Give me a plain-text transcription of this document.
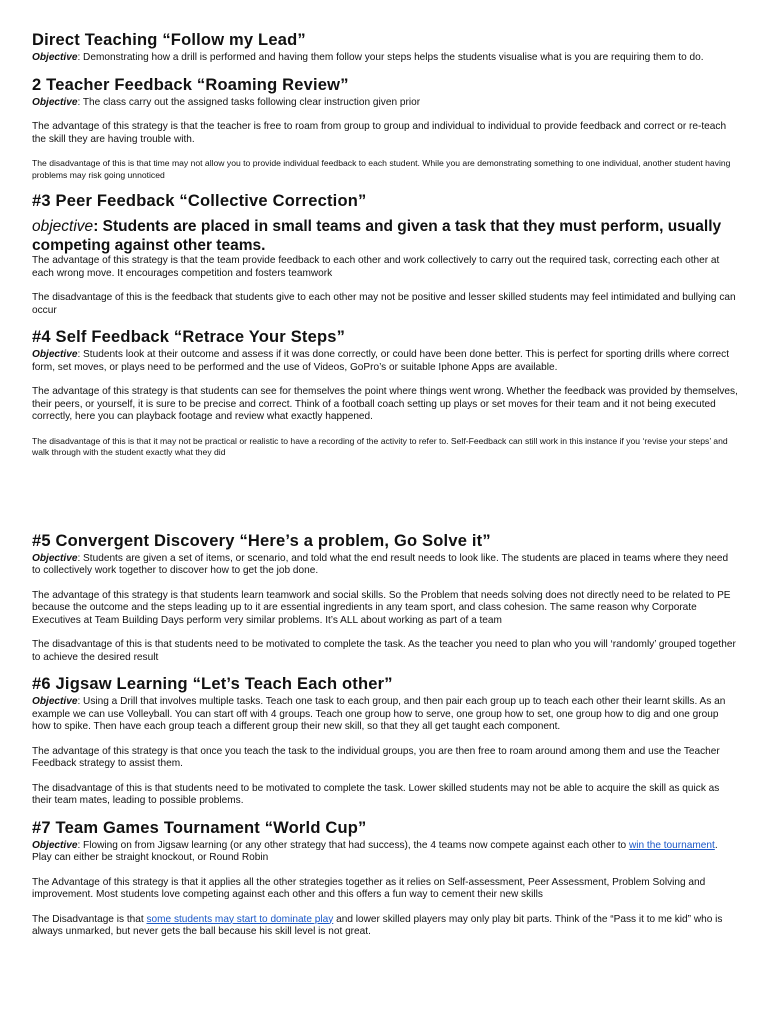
Direct Teaching “Follow my Lead”

Objective: Demonstrating how a drill is performed and having them follow your steps helps the students visualise what is you are requiring them to do.

2 Teacher Feedback “Roaming Review”

Objective: The class carry out the assigned tasks following clear instruction given prior

The advantage of this strategy is that the teacher is free to roam from group to group and individual to individual to provide feedback and correct or re-teach the skill they are having trouble with.

The disadvantage of this is that time may not allow you to provide individual feedback to each student. While you are demonstrating something to one individual, another student having problems may risk going unnoticed

#3 Peer Feedback “Collective Correction”

objective: Students are placed in small teams and given a task that they must perform, usually competing against other teams.

The advantage of this strategy is that the team provide feedback to each other and work collectively to carry out the required task, correcting each other at each wrong move. It encourages competition and fosters teamwork

The disadvantage of this is the feedback that students give to each other may not be positive and lesser skilled students may feel intimidated and bullying can occur

#4 Self Feedback “Retrace Your Steps”

Objective: Students look at their outcome and assess if it was done correctly, or could have been done better. This is perfect for sporting drills where correct form, set moves, or plays need to be performed and the use of Videos, GoPro’s or suitable Iphone Apps are available.

The advantage of this strategy is that students can see for themselves the point where things went wrong. Whether the feedback was provided by themselves, their peers, or yourself, it is sure to be precise and correct. Think of a football coach setting up plays or set moves for their team and it not being executed correctly, here you can playback footage and review what exactly happened.

The disadvantage of this is that it may not be practical or realistic to have a recording of the activity to refer to. Self-Feedback can still work in this instance if you ‘revise your steps’ and walk through with the student exactly what they did

#5 Convergent Discovery “Here’s a problem, Go Solve it”

Objective: Students are given a set of items, or scenario, and told what the end result needs to look like. The students are placed in teams where they need to collectively work together to discover how to get the job done.

The advantage of this strategy is that students learn teamwork and social skills. So the Problem that needs solving does not directly need to be related to PE because the outcome and the steps leading up to it are essential ingredients in any team sport, and class cohesion. The same reason why Corporate Executives at Team Building Days perform very similar problems. It’s ALL about working as part of a team

The disadvantage of this is that students need to be motivated to complete the task. As the teacher you need to plan who you will ‘randomly’ grouped together to achieve the desired result

#6 Jigsaw Learning “Let’s Teach Each other”

Objective: Using a Drill that involves multiple tasks. Teach one task to each group, and then pair each group up to teach each other their learnt skills. As an example we can use Volleyball. You can start off with 4 groups. Teach one group how to serve, one group how to set, one group how to dig and one group how to spike. Then have each group teach a different group their new skill, so that they all get taught each component.

The advantage of this strategy is that once you teach the task to the individual groups, you are then free to roam around among them and use the Teacher Feedback strategy to assist them.

The disadvantage of this is that students need to be motivated to complete the task. Lower skilled students may not be able to acquire the skill as quick as their team mates, leading to possible problems.

#7 Team Games Tournament “World Cup”

Objective: Flowing on from Jigsaw learning (or any other strategy that had success), the 4 teams now compete against each other to win the tournament. Play can either be straight knockout, or Round Robin

The Advantage of this strategy is that it applies all the other strategies together as it relies on Self-assessment, Peer Assessment, Problem Solving and improvement. Most students love competing against each other and this offers a fun way to cement their new skills

The Disadvantage is that some students may start to dominate play and lower skilled players may only play bit parts. Think of the “Pass it to me kid” who is always unmarked, but never gets the ball because his skill level is not great.
